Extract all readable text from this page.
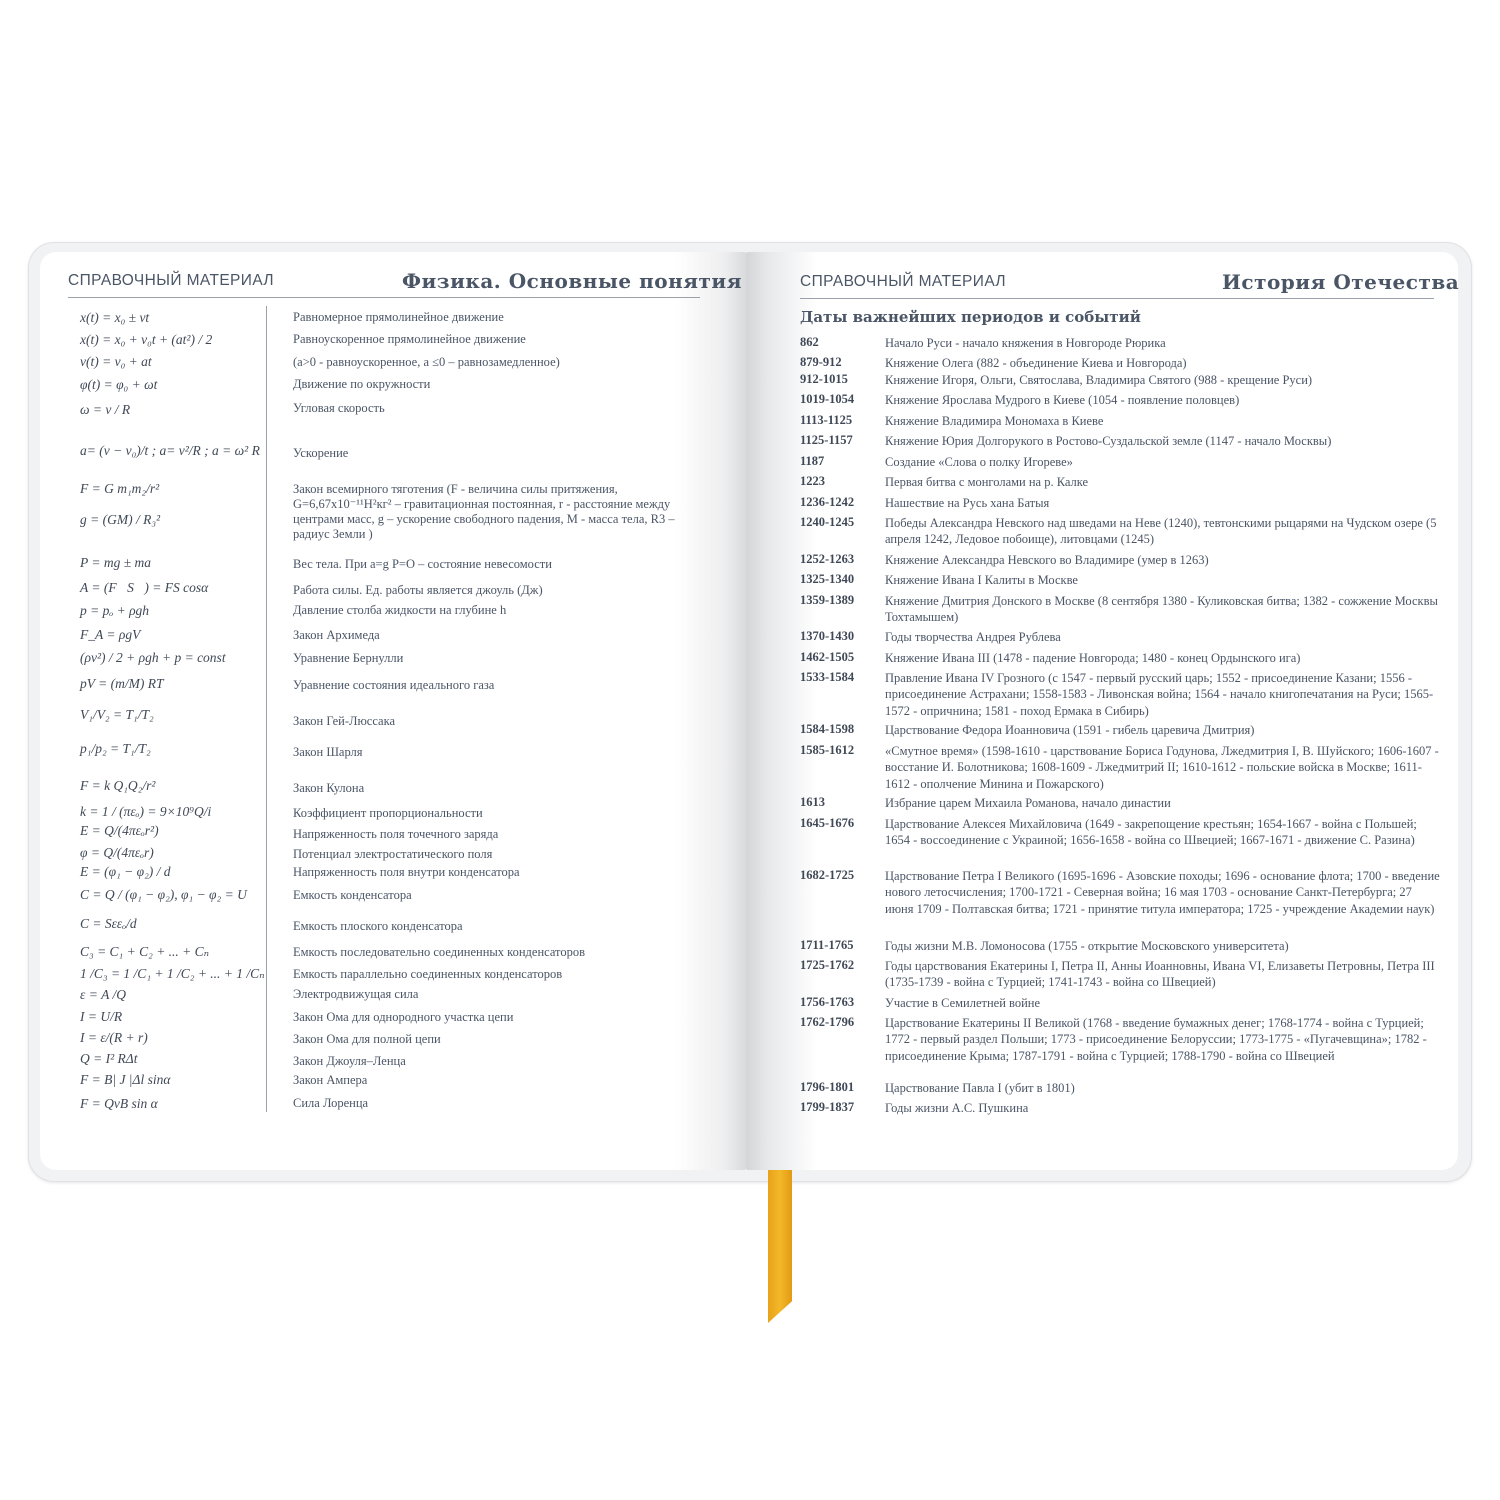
СПРАВОЧНЫЙ МАТЕРИАЛ	Физика. Основные понятия	СПРАВОЧНЫЙ МАТЕРИАЛ	История Отечества
Даты важнейших периодов и событий
x(t) = x₀ ± vt	Равномерное прямолинейное движение
x(t) = x₀ + v₀t + (at²) / 2	Равноускоренное прямолинейное движение
v(t) = v₀ + at	(a>0 - равноускоренное, a ≤0 – равнозамедленное)
φ(t) = φ₀ + ωt	Движение по окружности
ω = v / R	Угловая скорость
a= (v − v₀)/t ; a= v²/R ; a = ω² R	Ускорение
F = G m₁m₂/r²	Закон всемирного тяготения (F - величина силы притяжения, G=6,67x10⁻¹¹Н²кг² – гравитационная постоянная, r - расстояние между центрами масс, g – ускорение свободного падения, M - масса тела, R3 – радиус Земли )
g = (GM) / R₃²
P = mg ± ma	Вес тела. При a=g P=O – состояние невесомости
A = (F⃗S⃗) = FS cosα	Работа силы. Ед. работы является джоуль (Дж)
p = pₒ + ρgh	Давление столба жидкости на глубине h
F_A = ρgV	Закон Архимеда
(ρv²) / 2 + ρgh + p = const	Уравнение Бернулли
pV = (m/M) RT	Уравнение состояния идеального газа
V₁/V₂ = T₁/T₂	Закон Гей-Люссака
p₁/p₂ = T₁/T₂	Закон Шарля
F = k Q₁Q₂/r²	Закон Кулона
k = 1 / (πεₒ) = 9×10⁹Q/i	Коэффициент пропорциональности
E = Q/(4πεₒr²)	Напряженность поля точечного заряда
φ = Q/(4πεₒr)	Потенциал электростатического поля
E = (φ₁ − φ₂) / d	Напряженность поля внутри конденсатора
C = Q / (φ₁ − φ₂), φ₁ − φ₂ = U	Емкость конденсатора
C = Sεεₒ/d	Емкость плоского конденсатора
C₃ = C₁ + C₂ + ... + Cₙ	Емкость последовательно соединенных конденсаторов
1 /C₃ = 1 /C₁ + 1 /C₂ + ... + 1 /Cₙ Емкость параллельно соединенных конденсаторов
ε = A /Q	Электродвижущая сила
I = U/R	Закон Ома для однородного участка цепи
I = ε/(R + r)	Закон Ома для полной цепи
Q = I² RΔt	Закон Джоуля–Ленца
F = B| J |Δl sinα	Закон Ампера
F = QvB sin α	Сила Лоренца
862	Начало Руси - начало княжения в Новгороде Рюрика
879-912	Княжение Олега (882 - объединение Киева и Новгорода)
912-1015	Княжение Игоря, Ольги, Святослава, Владимира Святого (988 - крещение Руси)
1019-1054 Княжение Ярослава Мудрого в Киеве (1054 - появление половцев)
1113-1125	Княжение Владимира Мономаха в Киеве
1125-1157	Княжение Юрия Долгорукого в Ростово-Суздальской земле (1147 - начало Москвы)
1187	Создание «Слова о полку Игореве»
1223	Первая битва с монголами на р. Калке
1236-1242 Нашествие на Русь хана Батыя
1240-1245 Победы Александра Невского над шведами на Неве (1240), тевтонскими рыцарями на Чудском озере (5 апреля 1242, Ледовое побоище), литовцами (1245)
1252-1263 Княжение Александра Невского во Владимире (умер в 1263)
1325-1340 Княжение Ивана I Калиты в Москве
1359-1389 Княжение Дмитрия Донского в Москве (8 сентября 1380 - Куликовская битва; 1382 - сожжение Москвы Тохтамышем)
1370-1430 Годы творчества Андрея Рублева
1462-1505 Княжение Ивана III (1478 - падение Новгорода; 1480 - конец Ордынского ига)
1533-1584 Правление Ивана IV Грозного (с 1547 - первый русский царь; 1552 - присоединение Казани; 1556 - присоединение Астрахани; 1558-1583 - Ливонская война; 1564 - начало книгопечатания на Руси; 1565-1572 - опричнина; 1581 - поход Ермака в Сибирь)
1584-1598 Царствование Федора Иоанновича (1591 - гибель царевича Дмитрия)
1585-1612 «Смутное время» (1598-1610 - царствование Бориса Годунова, Лжедмитрия I, В. Шуйского; 1606-1607 - восстание И. Болотникова; 1608-1609 - Лжедмитрий II; 1610-1612 - польские войска в Москве; 1611-1612 - ополчение Минина и Пожарского)
1613	Избрание царем Михаила Романова, начало династии
1645-1676 Царствование Алексея Михайловича (1649 - закрепощение крестьян; 1654-1667 - война с Польшей; 1654 - воссоединение с Украиной; 1656-1658 - война со Швецией; 1667-1671 - движение С. Разина)
1682-1725 Царствование Петра I Великого (1695-1696 - Азовские походы; 1696 - основание флота; 1700 - введение нового летосчисления; 1700-1721 - Северная война; 16 мая 1703 - основание Санкт-Петербурга; 27 июня 1709 - Полтавская битва; 1721 - принятие титула императора; 1725 - учреждение Академии наук)
1711-1765	Годы жизни М.В. Ломоносова (1755 - открытие Московского университета)
1725-1762 Годы царствования Екатерины I, Петра II, Анны Иоанновны, Ивана VI, Елизаветы Петровны, Петра III (1735-1739 - война с Турцией; 1741-1743 - война со Швецией)
1756-1763 Участие в Семилетней войне
1762-1796 Царствование Екатерины II Великой (1768 - введение бумажных денег; 1768-1774 - война с Турцией; 1772 - первый раздел Польши; 1773 - присоединение Белоруссии; 1773-1775 - «Пугачевщина»; 1782 - присоединение Крыма; 1787-1791 - война с Турцией; 1788-1790 - война со Швецией
1796-1801 Царствование Павла I (убит в 1801)
1799-1837 Годы жизни А.С. Пушкина
